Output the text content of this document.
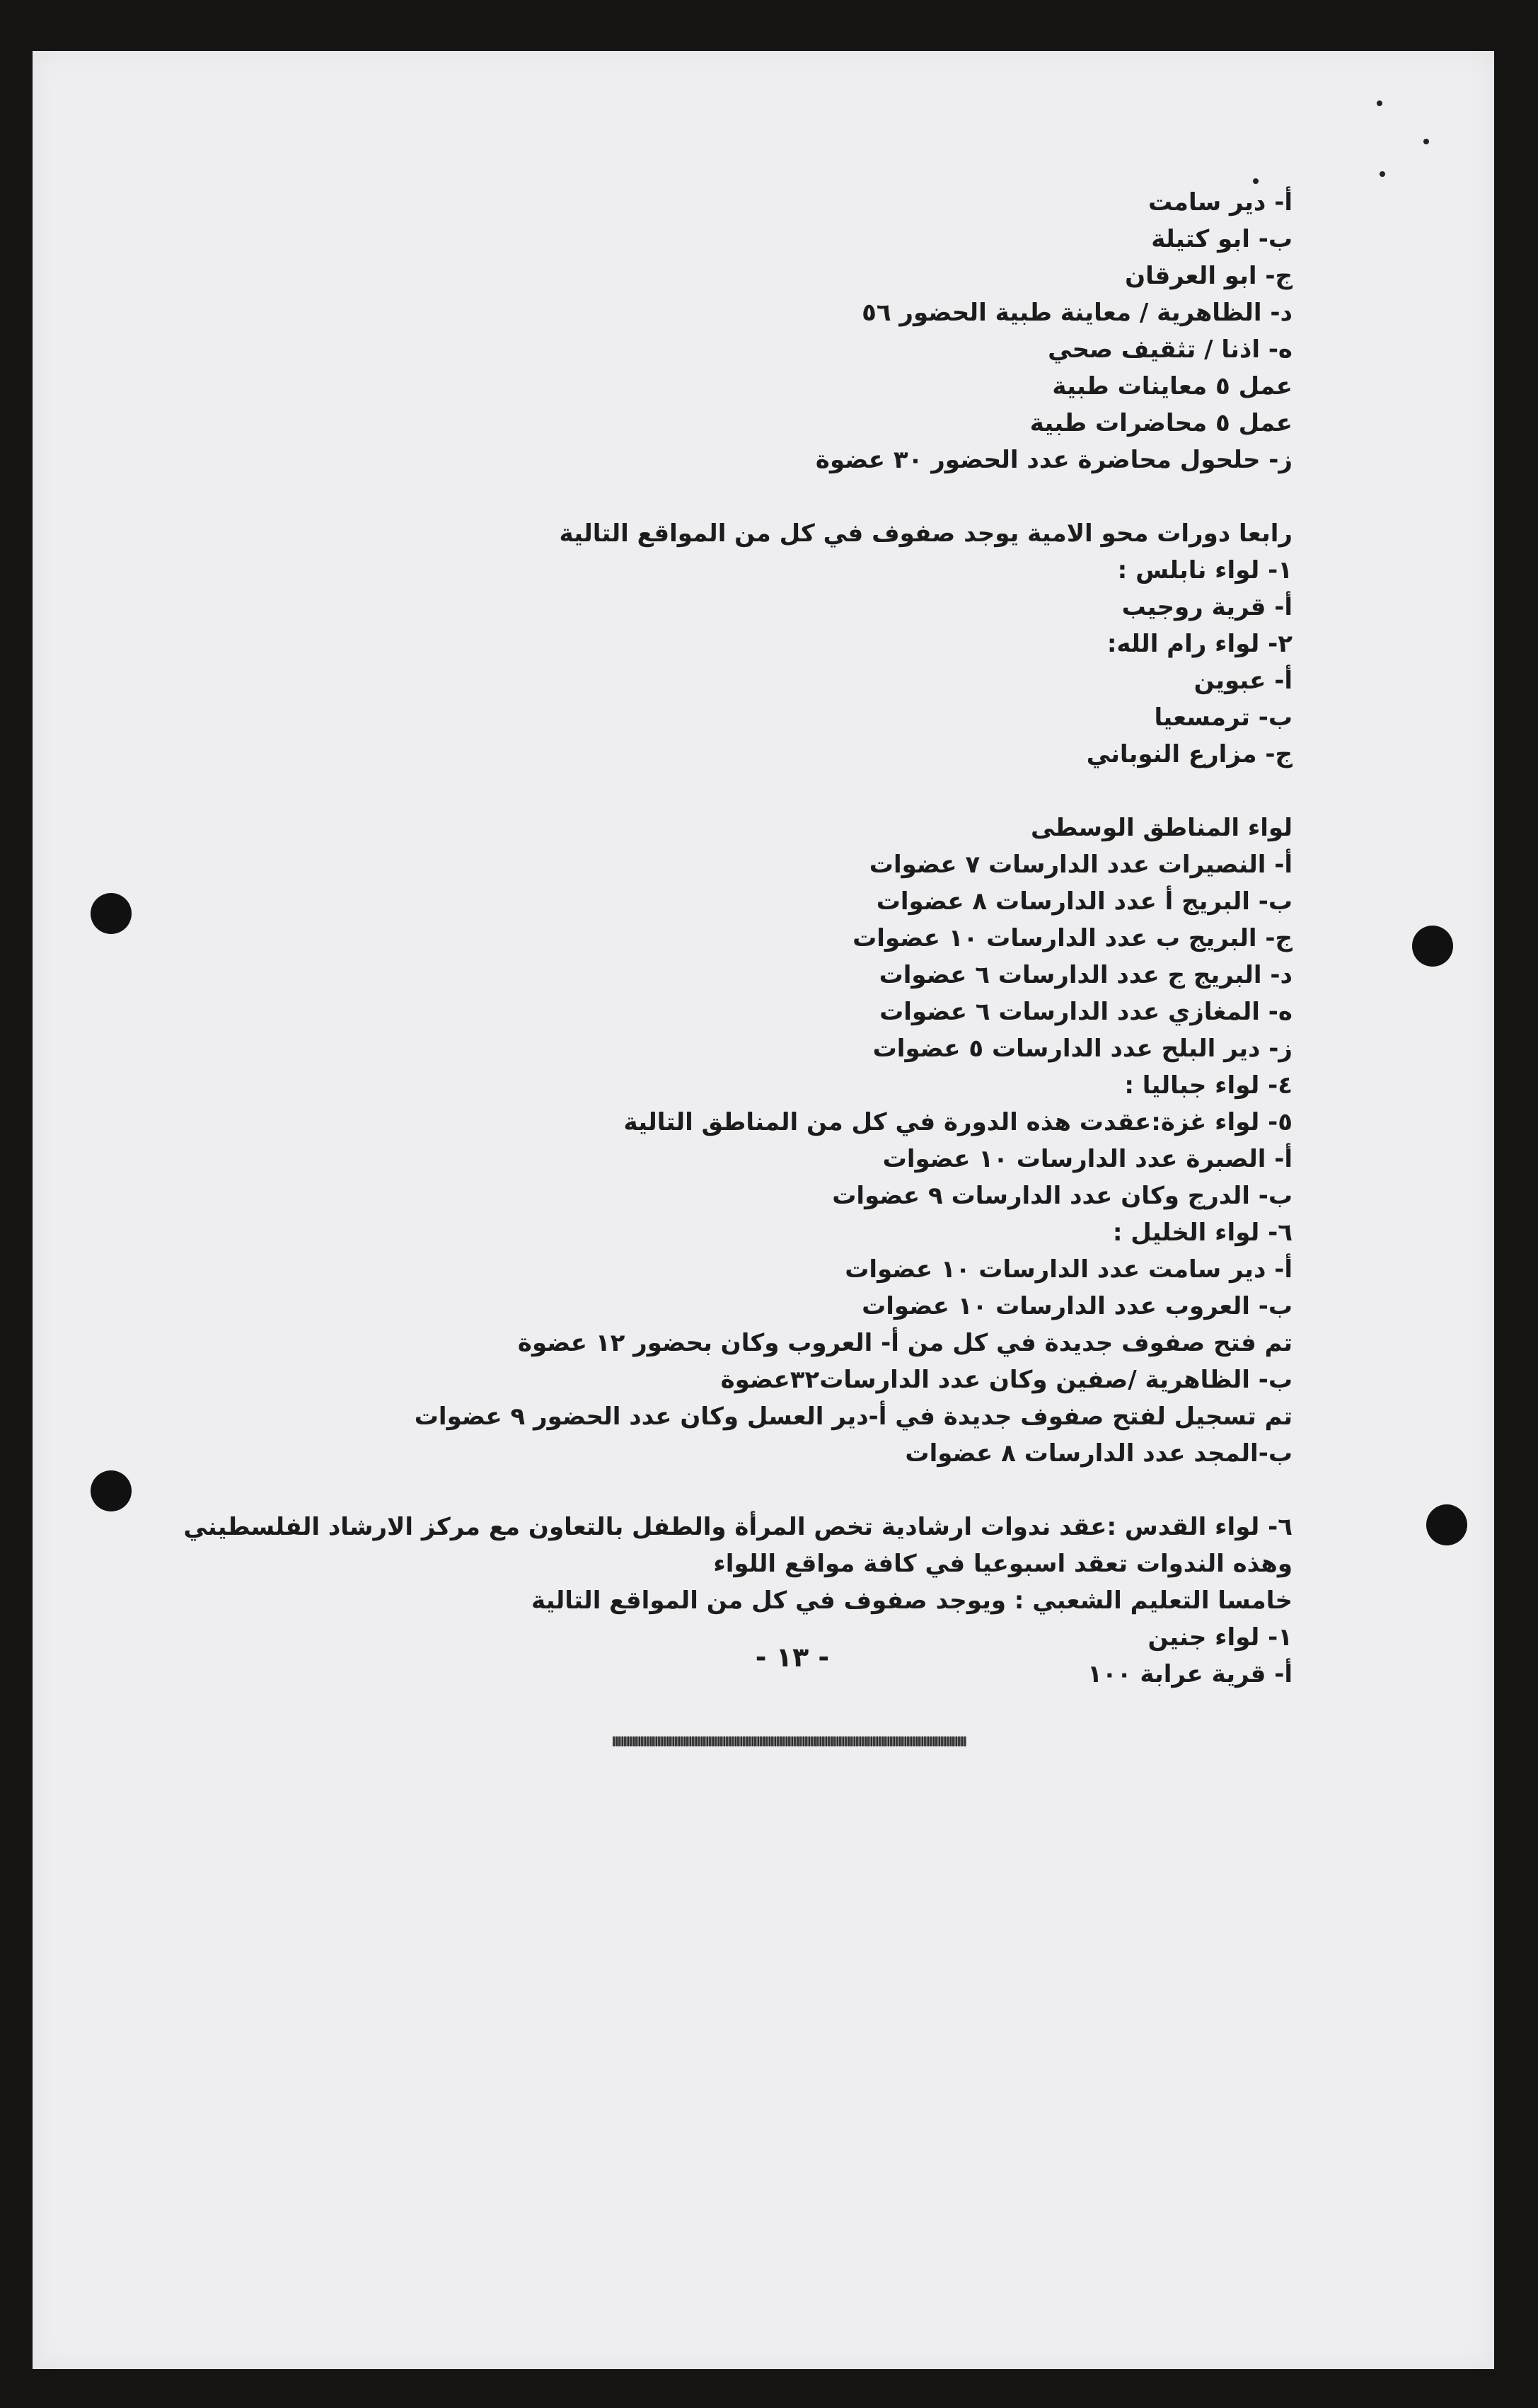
أ- دير سامت
ب- ابو كتيلة
ج- ابو العرقان
د- الظاهرية / معاينة طبية الحضور ٥٦
ه- اذنا / تثقيف صحي
عمل ٥ معاينات طبية
عمل ٥ محاضرات طبية
ز- حلحول محاضرة عدد الحضور ٣٠ عضوة
رابعا دورات محو الامية يوجد صفوف في كل من المواقع التالية
١- لواء نابلس :
أ- قرية روجيب
٢- لواء رام الله:
أ- عبوين
ب- ترمسعيا
ج- مزارع النوباني
لواء المناطق الوسطى
أ- النصيرات عدد الدارسات ٧ عضوات
ب- البريج أ عدد الدارسات ٨ عضوات
ج- البريج ب عدد الدارسات ١٠ عضوات
د- البريج ج عدد الدارسات ٦ عضوات
ه- المغازي عدد الدارسات ٦ عضوات
ز- دير البلح عدد الدارسات ٥ عضوات
٤- لواء جباليا :
٥- لواء غزة:عقدت هذه الدورة في كل من المناطق التالية
أ- الصبرة عدد الدارسات ١٠ عضوات
ب- الدرج وكان عدد الدارسات ٩ عضوات
٦- لواء الخليل :
أ- دير سامت عدد الدارسات ١٠ عضوات
ب- العروب عدد الدارسات ١٠ عضوات
تم فتح صفوف جديدة في كل من أ- العروب وكان بحضور ١٢ عضوة
ب- الظاهرية /صفين وكان عدد الدارسات٣٢عضوة
تم تسجيل لفتح صفوف جديدة في أ-دير العسل وكان عدد الحضور ٩ عضوات
ب-المجد عدد الدارسات ٨ عضوات
٦- لواء القدس :عقد ندوات ارشادية تخص المرأة والطفل بالتعاون مع مركز الارشاد الفلسطيني
وهذه الندوات تعقد اسبوعيا في كافة مواقع اللواء
خامسا التعليم الشعبي : ويوجد صفوف في كل من المواقع التالية
١- لواء جنين
أ- قرية عرابة ١٠٠
- ١٣ -
